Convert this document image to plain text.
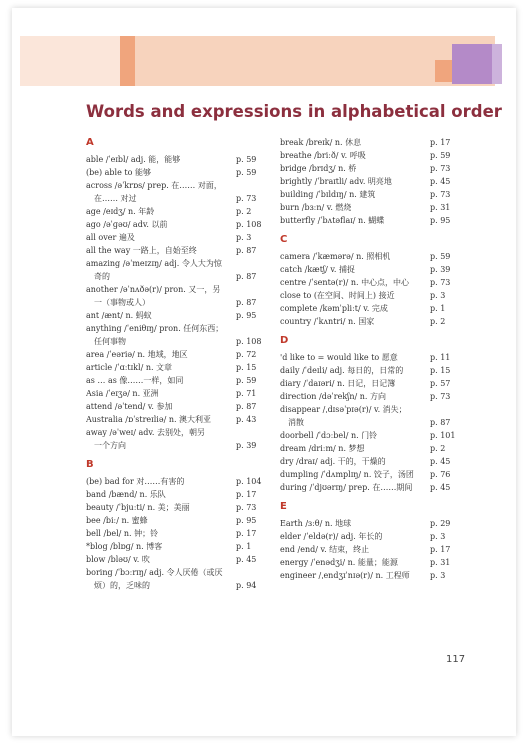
Words and expressions in alphabetical order
A
able /ˈeɪbl/ adj. 能，能够	p. 59
(be) able to 能够	p. 59
across /əˈkrɒs/ prep. 在…… 对面，
　在…… 对过	p. 73
age /eɪdʒ/ n. 年龄	p. 2
ago /əˈɡəʊ/ adv. 以前	p. 108
all over 遍及	p. 3
all the way 一路上，自始至终	p. 87
amazing /əˈmeɪzɪŋ/ adj. 令人大为惊
　奇的	p. 87
another /əˈnʌðə(r)/ pron. 又一，另
　一（事物或人）	p. 87
ant /ænt/ n. 蚂蚁	p. 95
anything /ˈeniθɪŋ/ pron. 任何东西；
　任何事物	p. 108
area /ˈeəriə/ n. 地域，地区	p. 72
article /ˈɑːtɪkl/ n. 文章	p. 15
as … as 像……一样，如同	p. 59
Asia /ˈeɪʒə/ n. 亚洲	p. 71
attend /əˈtend/ v. 参加	p. 87
Australia /ɒˈstreɪliə/ n. 澳大利亚	p. 43
away /əˈweɪ/ adv. 去别处，朝另
　一个方向	p. 39
B
(be) bad for 对……有害的	p. 104
band /bænd/ n. 乐队	p. 17
beauty /ˈbjuːti/ n. 美；美丽	p. 73
bee /biː/ n. 蜜蜂	p. 95
bell /bel/ n. 钟；铃	p. 17
*blog /blɒɡ/ n. 博客	p. 1
blow /bləʊ/ v. 吹	p. 45
boring /ˈbɔːrɪŋ/ adj. 令人厌倦（或厌
　烦）的，乏味的	p. 94
break /breɪk/ n. 休息	p. 17
breathe /briːð/ v. 呼吸	p. 59
bridge /brɪdʒ/ n. 桥	p. 73
brightly /ˈbraɪtli/ adv. 明亮地	p. 45
building /ˈbɪldɪŋ/ n. 建筑	p. 73
burn /bɜːn/ v. 燃烧	p. 31
butterfly /ˈbʌtəflaɪ/ n. 蝴蝶	p. 95
C
camera /ˈkæmərə/ n. 照相机	p. 59
catch /kætʃ/ v. 捕捉	p. 39
centre /ˈsentə(r)/ n. 中心点，中心	p. 73
close to (在空间、时间上) 接近	p. 3
complete /kəmˈpliːt/ v. 完成	p. 1
country /ˈkʌntri/ n. 国家	p. 2
D
'd like to = would like to 愿意	p. 11
daily /ˈdeɪli/ adj. 每日的，日常的	p. 15
diary /ˈdaɪəri/ n. 日记，日记簿	p. 57
direction /dəˈrekʃn/ n. 方向	p. 73
disappear /ˌdɪsəˈpɪə(r)/ v. 消失；
　消散	p. 87
doorbell /ˈdɔːbel/ n. 门铃	p. 101
dream /driːm/ n. 梦想	p. 2
dry /draɪ/ adj. 干的，干燥的	p. 45
dumpling /ˈdʌmplɪŋ/ n. 饺子，汤团 p. 76
during /ˈdjʊərɪŋ/ prep. 在……期间 p. 45
E
Earth /ɜːθ/ n. 地球	p. 29
elder /ˈeldə(r)/ adj. 年长的	p. 3
end /end/ v. 结束，终止	p. 17
energy /ˈenədʒi/ n. 能量；能源	p. 31
engineer /ˌendʒɪˈnɪə(r)/ n. 工程师	p. 3
117
